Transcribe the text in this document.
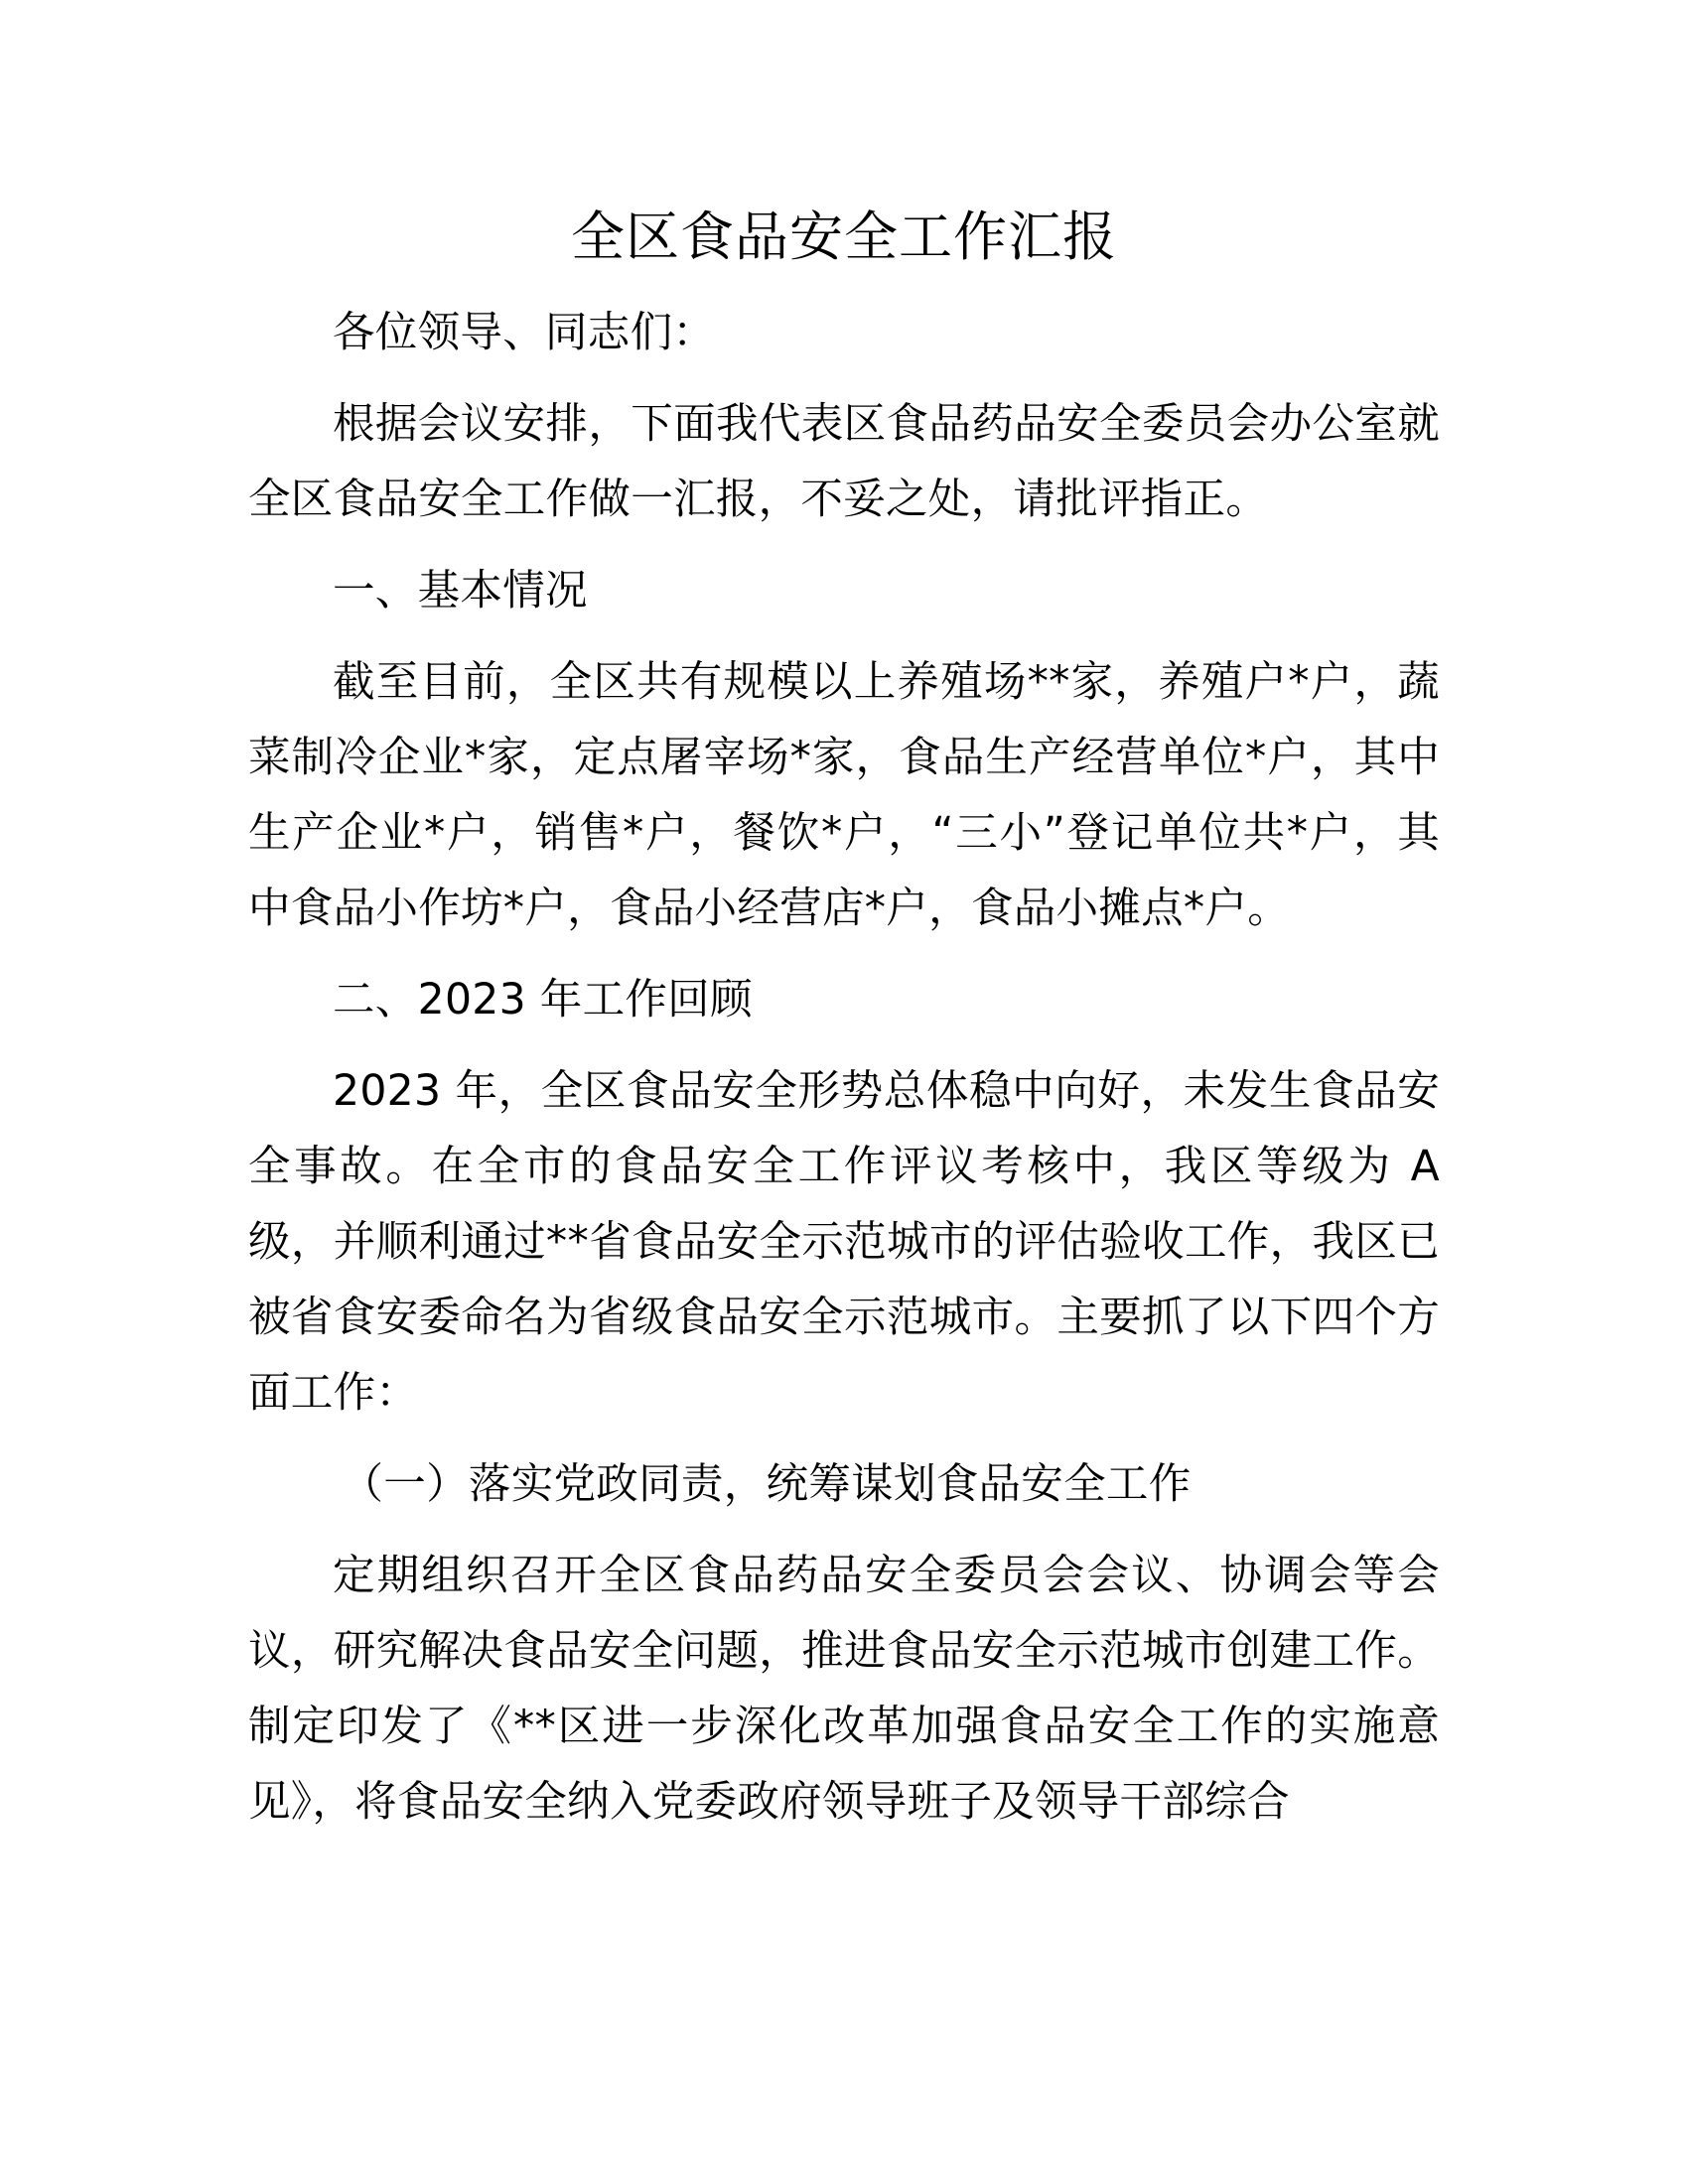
全区食品安全工作汇报

各位领导、同志们：

根据会议安排，下面我代表区食品药品安全委员会办公室就全区食品安全工作做一汇报，不妥之处，请批评指正。

一、基本情况

截至目前，全区共有规模以上养殖场**家，养殖户*户，蔬菜制冷企业*家，定点屠宰场*家，食品生产经营单位*户，其中生产企业*户，销售*户，餐饮*户，“三小”登记单位共*户，其中食品小作坊*户，食品小经营店*户，食品小摊点*户。

二、2023 年工作回顾

2023 年，全区食品安全形势总体稳中向好，未发生食品安全事故。在全市的食品安全工作评议考核中，我区等级为 A 级，并顺利通过**省食品安全示范城市的评估验收工作，我区已被省食安委命名为省级食品安全示范城市。主要抓了以下四个方面工作：

（一）落实党政同责，统筹谋划食品安全工作

定期组织召开全区食品药品安全委员会会议、协调会等会议，研究解决食品安全问题，推进食品安全示范城市创建工作。制定印发了《**区进一步深化改革加强食品安全工作的实施意见》，将食品安全纳入党委政府领导班子及领导干部综合
